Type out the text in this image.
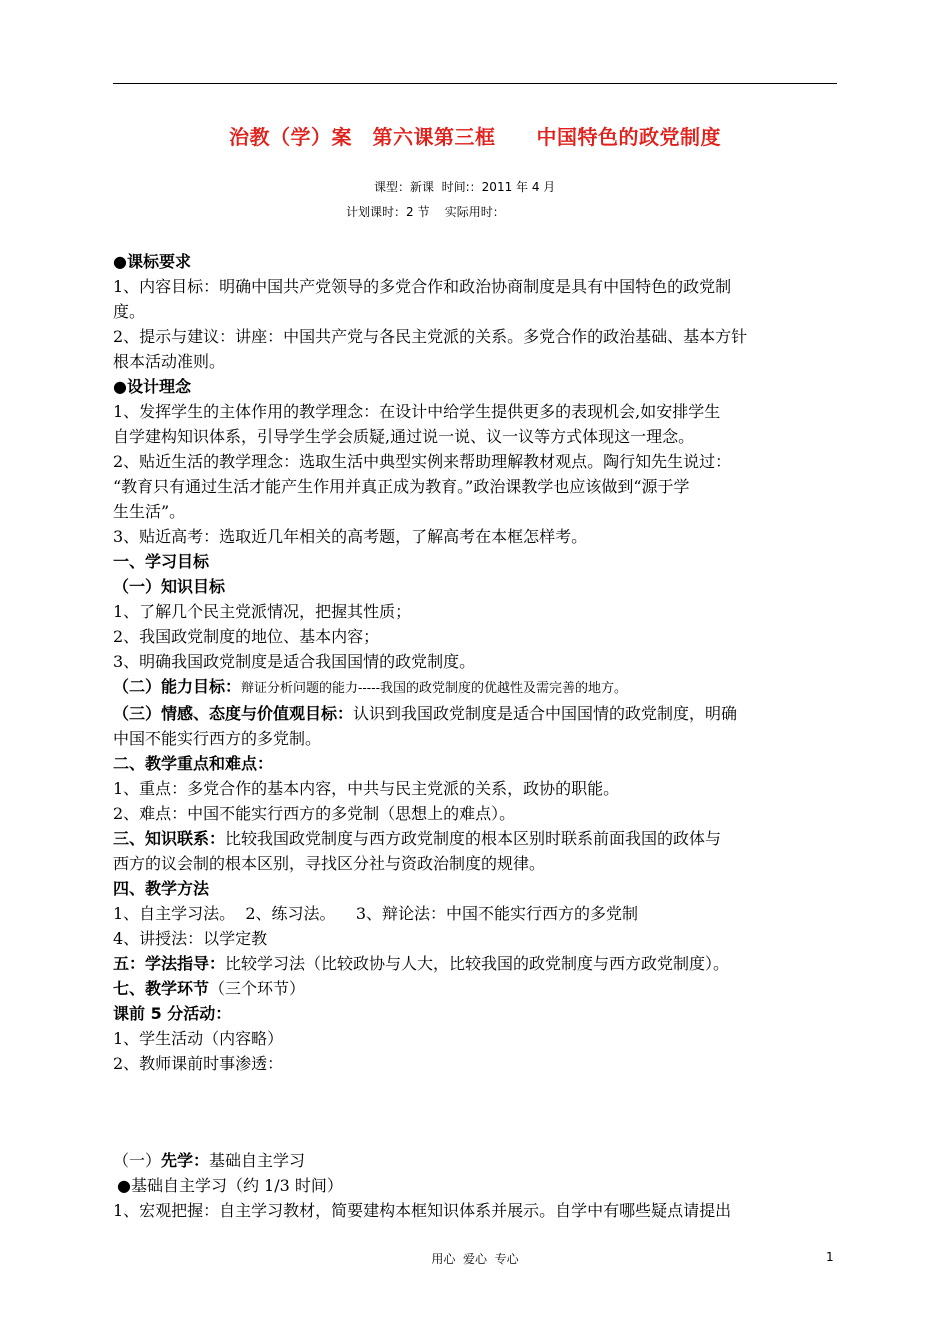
治教（学）案　第六课第三框　　中国特色的政党制度
课型：新课  时间:：2011 年 4 月
计划课时：2 节    实际用时：

●课标要求

1、内容目标：明确中国共产党领导的多党合作和政治协商制度是具有中国特色的政党制

度。

2、提示与建议：讲座：中国共产党与各民主党派的关系。多党合作的政治基础、基本方针

根本活动准则。

●设计理念

1、发挥学生的主体作用的教学理念：在设计中给学生提供更多的表现机会,如安排学生

自学建构知识体系，引导学生学会质疑,通过说一说、议一议等方式体现这一理念。

2、贴近生活的教学理念：选取生活中典型实例来帮助理解教材观点。陶行知先生说过：

“教育只有通过生活才能产生作用并真正成为教育。”政治课教学也应该做到“源于学

生生活”。

3、贴近高考：选取近几年相关的高考题，了解高考在本框怎样考。

一、学习目标

（一）知识目标

1、了解几个民主党派情况，把握其性质；

2、我国政党制度的地位、基本内容；

3、明确我国政党制度是适合我国国情的政党制度。

（二）能力目标：辩证分析问题的能力-----我国的政党制度的优越性及需完善的地方。

（三）情感、态度与价值观目标：认识到我国政党制度是适合中国国情的政党制度，明确

中国不能实行西方的多党制。

二、教学重点和难点：

1、重点：多党合作的基本内容，中共与民主党派的关系，政协的职能。

2、难点：中国不能实行西方的多党制（思想上的难点）。

三、知识联系：比较我国政党制度与西方政党制度的根本区别时联系前面我国的政体与

西方的议会制的根本区别，寻找区分社与资政治制度的规律。

四、教学方法

1、自主学习法。  2、练习法。    3、辩论法：中国不能实行西方的多党制

4、讲授法：以学定教

五：学法指导：比较学习法（比较政协与人大，比较我国的政党制度与西方政党制度）。

七、教学环节（三个环节）

课前 5 分活动：

1、学生活动（内容略）

2、教师课前时事渗透：

（一）先学：基础自主学习

●基础自主学习（约 1/3 时间）

1、宏观把握：自主学习教材，简要建构本框知识体系并展示。自学中有哪些疑点请提出

用心  爱心  专心	1
